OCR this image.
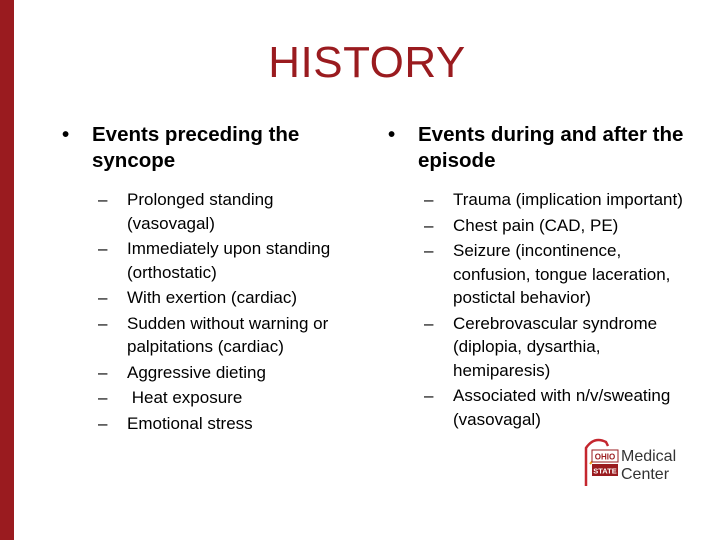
HISTORY
• Events preceding the syncope
– Prolonged standing (vasovagal)
– Immediately upon standing (orthostatic)
– With exertion (cardiac)
– Sudden without warning or palpitations (cardiac)
– Aggressive dieting
– Heat exposure
– Emotional stress
• Events during and after the episode
– Trauma (implication important)
– Chest pain (CAD, PE)
– Seizure (incontinence, confusion, tongue laceration, postictal behavior)
– Cerebrovascular syndrome (diplopia, dysarthia, hemiparesis)
– Associated with n/v/sweating (vasovagal)
OHIO
STATE
Medical
Center
